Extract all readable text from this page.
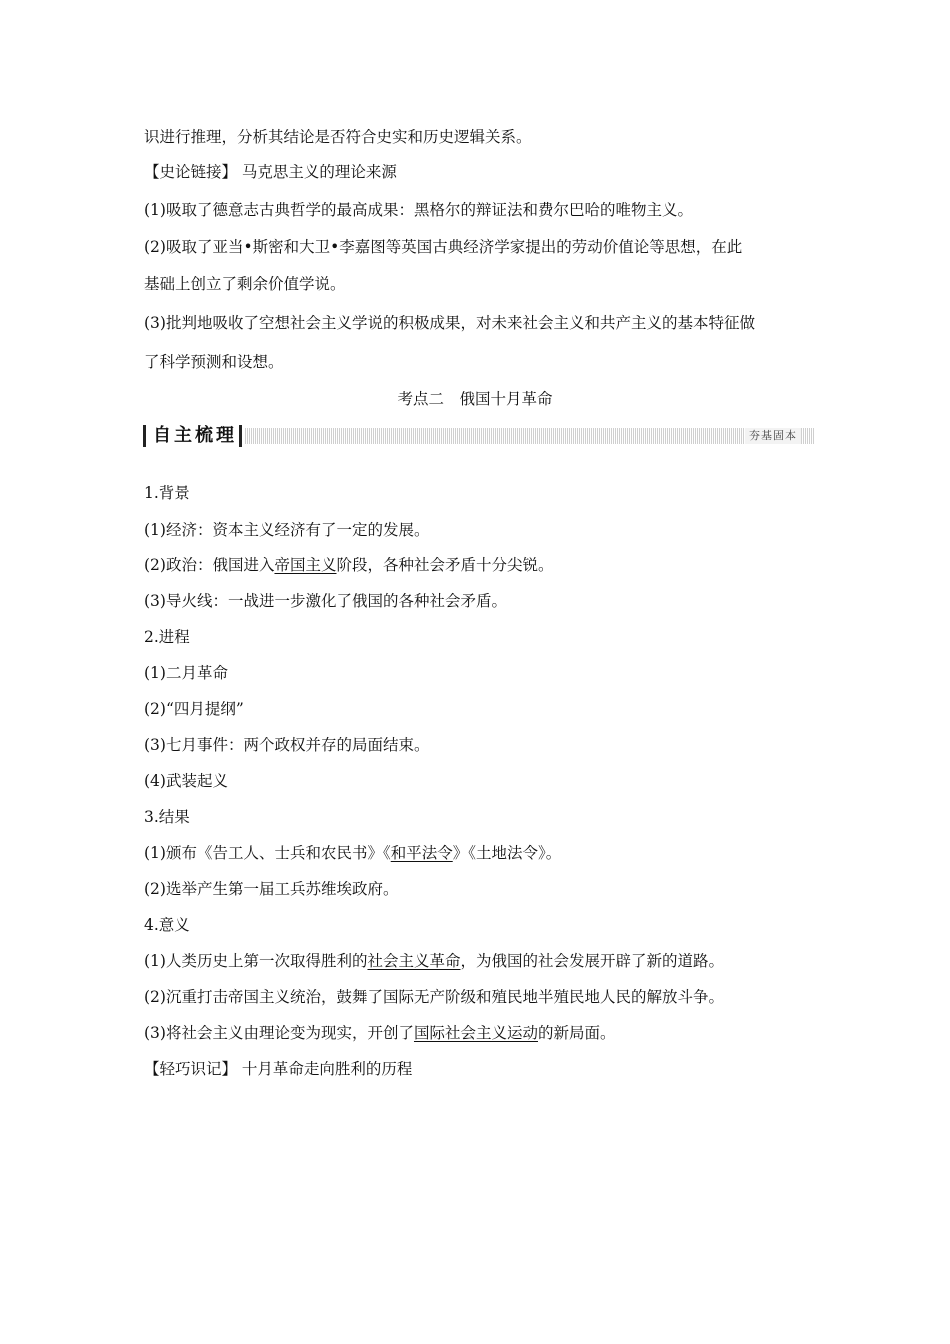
识进行推理，分析其结论是否符合史实和历史逻辑关系。
【史论链接】 马克思主义的理论来源
(1)吸取了德意志古典哲学的最高成果：黑格尔的辩证法和费尔巴哈的唯物主义。
(2)吸取了亚当•斯密和大卫•李嘉图等英国古典经济学家提出的劳动价值论等思想，在此
基础上创立了剩余价值学说。
(3)批判地吸收了空想社会主义学说的积极成果，对未来社会主义和共产主义的基本特征做
了科学预测和设想。
考点二　俄国十月革命
自主梳理	夯基固本
1.背景
(1)经济：资本主义经济有了一定的发展。
(2)政治：俄国进入帝国主义阶段，各种社会矛盾十分尖锐。
(3)导火线：一战进一步激化了俄国的各种社会矛盾。
2.进程
(1)二月革命
(2)“四月提纲”
(3)七月事件：两个政权并存的局面结束。
(4)武装起义
3.结果
(1)颁布《告工人、士兵和农民书》《和平法令》《土地法令》。
(2)选举产生第一届工兵苏维埃政府。
4.意义
(1)人类历史上第一次取得胜利的社会主义革命，为俄国的社会发展开辟了新的道路。
(2)沉重打击帝国主义统治，鼓舞了国际无产阶级和殖民地半殖民地人民的解放斗争。
(3)将社会主义由理论变为现实，开创了国际社会主义运动的新局面。
【轻巧识记】 十月革命走向胜利的历程
